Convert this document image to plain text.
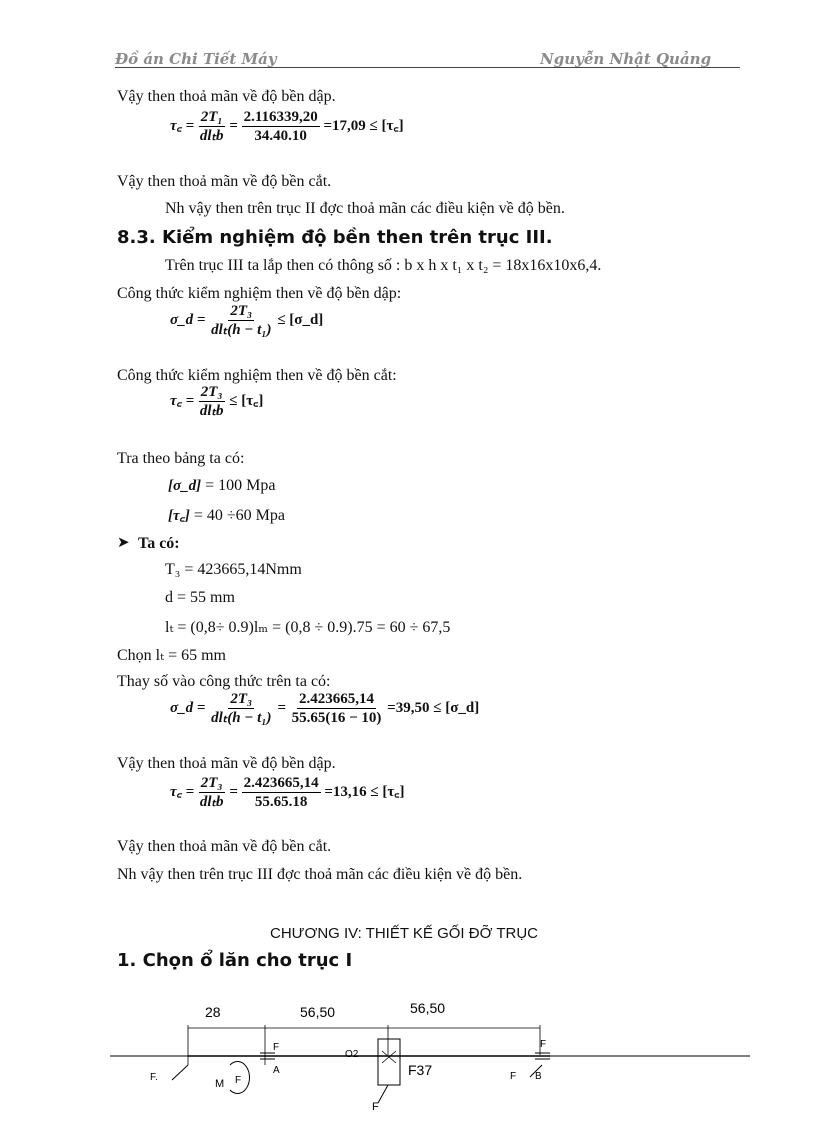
Đồ án Chi Tiết Máy	Nguyễn Nhật Quảng
Vậy then thoả mãn về độ bền dập.
τ꜀ = $\frac{\text{2T₁}}{\text{dlₜb}} = \frac{2.116339,20}{34.40.10} =17,09$ ≤ [τ꜀]
Vậy then thoả mãn về độ bền cắt.
Nh vậy then trên trục II đợc thoả mãn các điều kiện về độ bền.
8.3. Kiểm nghiệm độ bền then trên trục III.
Trên trục III ta lắp then có thông số : b x h x t₁ x t₂ = 18x16x10x6,4.
Công thức kiểm nghiệm then về độ bền dập:
σ_d = $\frac{\text{2T₃}}{\text{dlₜ(h − t₁)}}$ ≤ [σ_d]
Công thức kiểm nghiệm then về độ bền cắt:
τ꜀ = $\frac{\text{2T₃}}{\text{dlₜb}}$ ≤ [τ꜀]
Tra theo bảng ta có:
[σ_d] = 100 Mpa
[τ꜀] = 40 ÷60 Mpa
➤ Ta có:
T₃ = 423665,14Nmm
d = 55 mm
lₜ = (0,8÷ 0.9)lₘ = (0,8 ÷ 0.9).75 = 60 ÷ 67,5
Chọn lₜ = 65 mm
Thay số vào công thức trên ta có:
σ_d = $\frac{\text{2T₃}}{\text{dlₜ(h − t₁)}} = \frac{2.423665,14}{55.65(16 - 10)} =39,50$ ≤ [σ_d]
Vậy then thoả mãn về độ bền dập.
τ꜀ = $\frac{\text{2T₃}}{\text{dlₜb}} = \frac{2.423665,14}{55.65.18} =13,16$ ≤ [τ꜀]
Vậy then thoả mãn về độ bền cắt.
Nh vậy then trên trục III đợc thoả mãn các điều kiện về độ bền.
CHƯƠNG IV: THIẾT KẾ GỐI ĐỠ TRỤC
1. Chọn ổ lăn cho trục I
28	56,50	56,50
F.
F	F
O2
M F
A
B
F
F
F37
